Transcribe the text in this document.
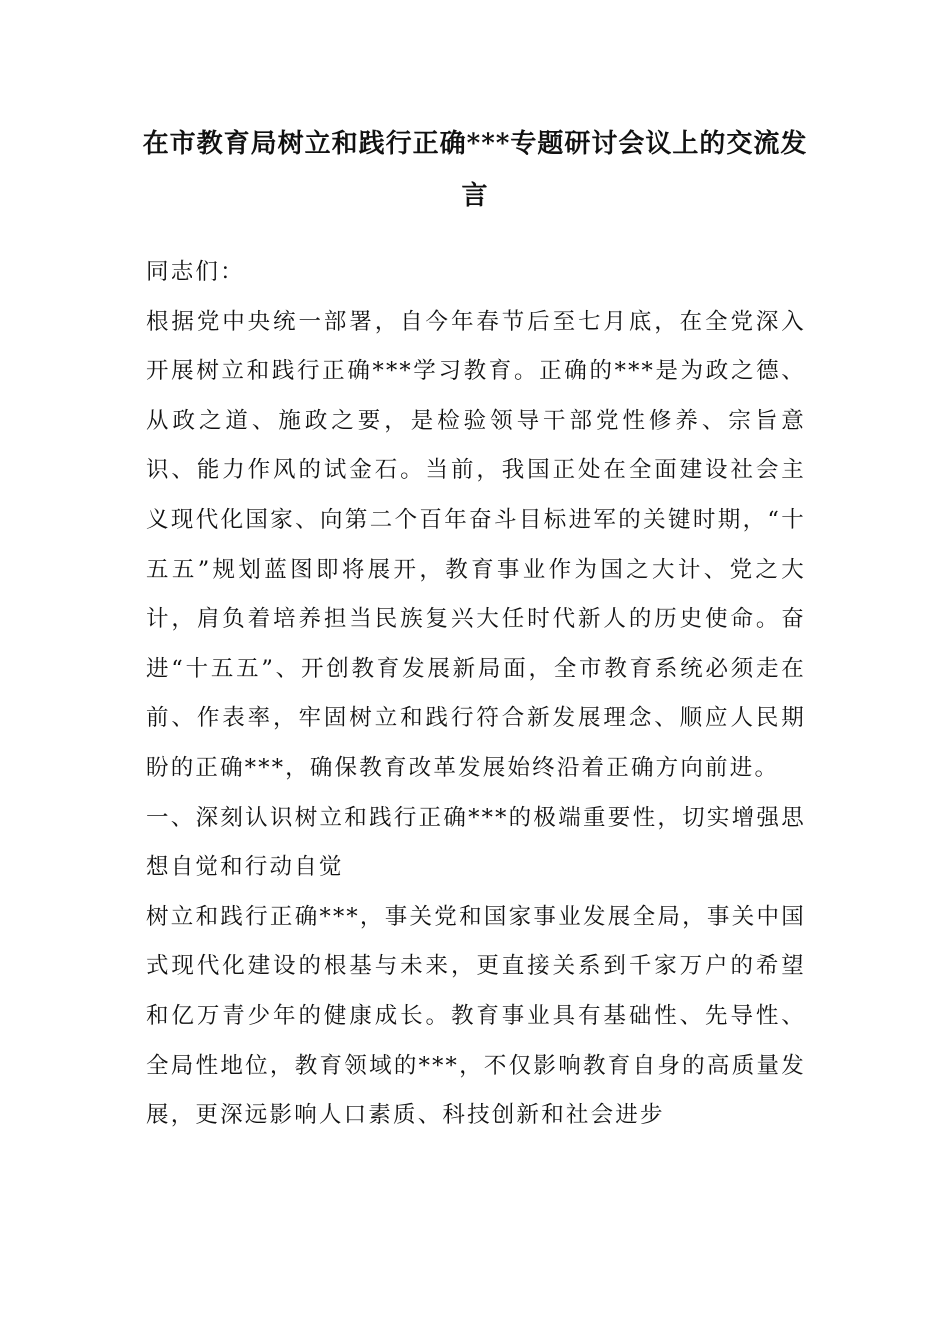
在市教育局树立和践行正确***专题研讨会议上的交流发言

同志们：

根据党中央统一部署，自今年春节后至七月底，在全党深入开展树立和践行正确***学习教育。正确的***是为政之德、从政之道、施政之要，是检验领导干部党性修养、宗旨意识、能力作风的试金石。当前，我国正处在全面建设社会主义现代化国家、向第二个百年奋斗目标进军的关键时期，“十五五”规划蓝图即将展开，教育事业作为国之大计、党之大计，肩负着培养担当民族复兴大任时代新人的历史使命。奋进“十五五”、开创教育发展新局面，全市教育系统必须走在前、作表率，牢固树立和践行符合新发展理念、顺应人民期盼的正确***，确保教育改革发展始终沿着正确方向前进。

一、深刻认识树立和践行正确***的极端重要性，切实增强思想自觉和行动自觉

树立和践行正确***，事关党和国家事业发展全局，事关中国式现代化建设的根基与未来，更直接关系到千家万户的希望和亿万青少年的健康成长。教育事业具有基础性、先导性、全局性地位，教育领域的***，不仅影响教育自身的高质量发展，更深远影响人口素质、科技创新和社会进步
